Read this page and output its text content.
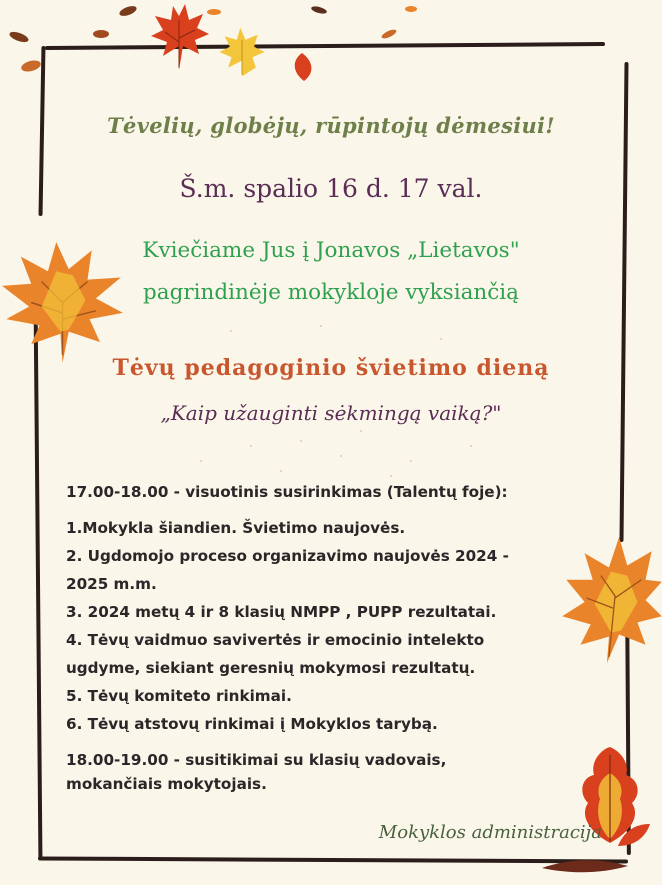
Tėvelių, globėjų, rūpintojų dėmesiui!
Š.m. spalio 16 d. 17 val.
Kviečiame Jus į Jonavos „Lietavos"
pagrindinėje mokykloje vyksiančią
Tėvų pedagoginio švietimo dieną
„Kaip užauginti sėkmingą vaiką?"
17.00-18.00 - visuotinis susirinkimas (Talentų foje):
1.Mokykla šiandien. Švietimo naujovės.
2. Ugdomojo proceso organizavimo naujovės 2024 -
2025 m.m.
3. 2024 metų 4 ir 8 klasių NMPP , PUPP rezultatai.
4. Tėvų vaidmuo savivertės ir emocinio intelekto
ugdyme, siekiant geresnių mokymosi rezultatų.
5. Tėvų komiteto rinkimai.
6. Tėvų atstovų rinkimai į Mokyklos tarybą.
18.00-19.00 - susitikimai su klasių vadovais,
mokančiais mokytojais.
Mokyklos administracija
